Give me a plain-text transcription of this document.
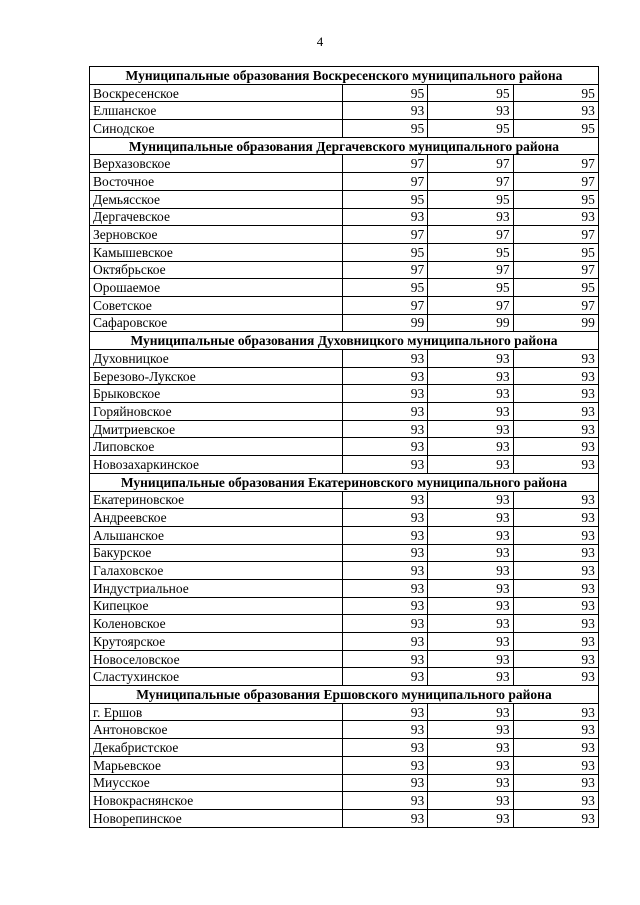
4
Муниципальные образования Воскресенского муниципального района			
Воскресенское	95	95	95
Елшанское	93	93	93
Синодское	95	95	95
Муниципальные образования Дергачевского муниципального района			
Верхазовское	97	97	97
Восточное	97	97	97
Демьясское	95	95	95
Дергачевское	93	93	93
Зерновское	97	97	97
Камышевское	95	95	95
Октябрьское	97	97	97
Орошаемое	95	95	95
Советское	97	97	97
Сафаровское	99	99	99
Муниципальные образования Духовницкого муниципального района			
Духовницкое	93	93	93
Березово-Лукское	93	93	93
Брыковское	93	93	93
Горяйновское	93	93	93
Дмитриевское	93	93	93
Липовское	93	93	93
Новозахаркинское	93	93	93
Муниципальные образования Екатериновского муниципального района			
Екатериновское	93	93	93
Андреевское	93	93	93
Альшанское	93	93	93
Бакурское	93	93	93
Галаховское	93	93	93
Индустриальное	93	93	93
Кипецкое	93	93	93
Коленовское	93	93	93
Крутоярское	93	93	93
Новоселовское	93	93	93
Сластухинское	93	93	93
Муниципальные образования Ершовского муниципального района			
г. Ершов	93	93	93
Антоновское	93	93	93
Декабристское	93	93	93
Марьевское	93	93	93
Миусское	93	93	93
Новокраснянское	93	93	93
Новорепинское	93	93	93
